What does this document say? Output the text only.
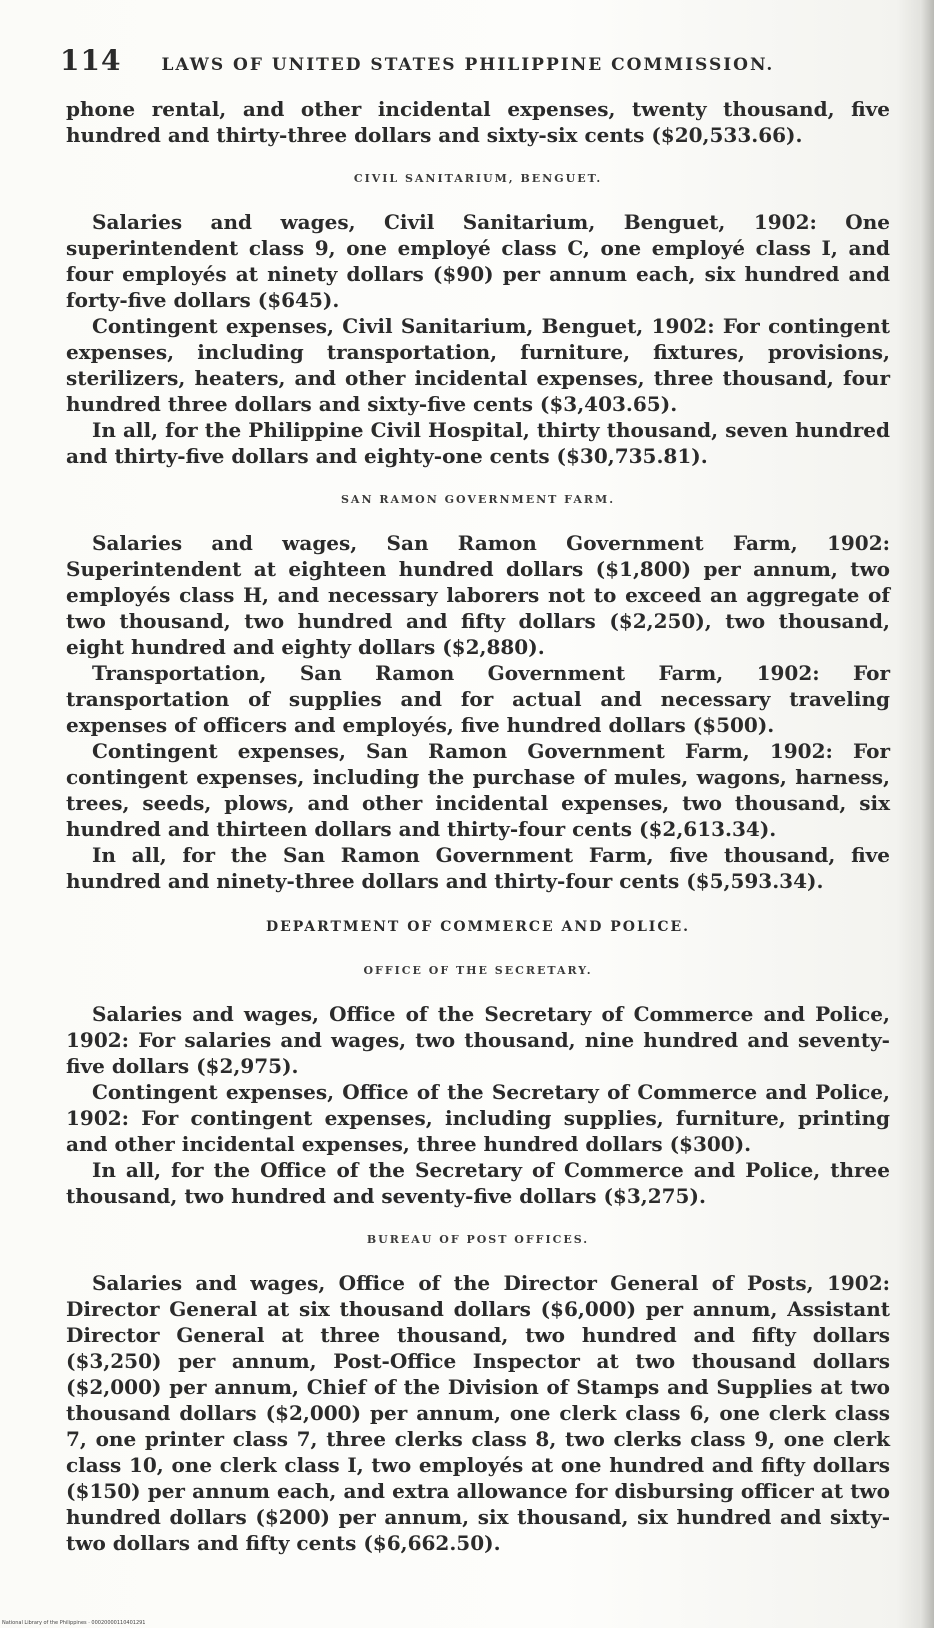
114 LAWS OF UNITED STATES PHILIPPINE COMMISSION.

phone rental, and other incidental expenses, twenty thousand, five hundred and thirty-three dollars and sixty-six cents ($20,533.66).

CIVIL SANITARIUM, BENGUET.

Salaries and wages, Civil Sanitarium, Benguet, 1902: One superintendent class 9, one employé class C, one employé class I, and four employés at ninety dollars ($90) per annum each, six hundred and forty-five dollars ($645).

Contingent expenses, Civil Sanitarium, Benguet, 1902: For contingent expenses, including transportation, furniture, fixtures, provisions, sterilizers, heaters, and other incidental expenses, three thousand, four hundred three dollars and sixty-five cents ($3,403.65).

In all, for the Philippine Civil Hospital, thirty thousand, seven hundred and thirty-five dollars and eighty-one cents ($30,735.81).

SAN RAMON GOVERNMENT FARM.

Salaries and wages, San Ramon Government Farm, 1902: Superintendent at eighteen hundred dollars ($1,800) per annum, two employés class H, and necessary laborers not to exceed an aggregate of two thousand, two hundred and fifty dollars ($2,250), two thousand, eight hundred and eighty dollars ($2,880).

Transportation, San Ramon Government Farm, 1902: For transportation of supplies and for actual and necessary traveling expenses of officers and employés, five hundred dollars ($500).

Contingent expenses, San Ramon Government Farm, 1902: For contingent expenses, including the purchase of mules, wagons, harness, trees, seeds, plows, and other incidental expenses, two thousand, six hundred and thirteen dollars and thirty-four cents ($2,613.34).

In all, for the San Ramon Government Farm, five thousand, five hundred and ninety-three dollars and thirty-four cents ($5,593.34).

DEPARTMENT OF COMMERCE AND POLICE.
OFFICE OF THE SECRETARY.

Salaries and wages, Office of the Secretary of Commerce and Police, 1902: For salaries and wages, two thousand, nine hundred and seventy-five dollars ($2,975).

Contingent expenses, Office of the Secretary of Commerce and Police, 1902: For contingent expenses, including supplies, furniture, printing and other incidental expenses, three hundred dollars ($300).

In all, for the Office of the Secretary of Commerce and Police, three thousand, two hundred and seventy-five dollars ($3,275).

BUREAU OF POST OFFICES.

Salaries and wages, Office of the Director General of Posts, 1902: Director General at six thousand dollars ($6,000) per annum, Assistant Director General at three thousand, two hundred and fifty dollars ($3,250) per annum, Post-Office Inspector at two thousand dollars ($2,000) per annum, Chief of the Division of Stamps and Supplies at two thousand dollars ($2,000) per annum, one clerk class 6, one clerk class 7, one printer class 7, three clerks class 8, two clerks class 9, one clerk class 10, one clerk class I, two employés at one hundred and fifty dollars ($150) per annum each, and extra allowance for disbursing officer at two hundred dollars ($200) per annum, six thousand, six hundred and sixty-two dollars and fifty cents ($6,662.50).

National Library of the Philippines · 00020000110401291
